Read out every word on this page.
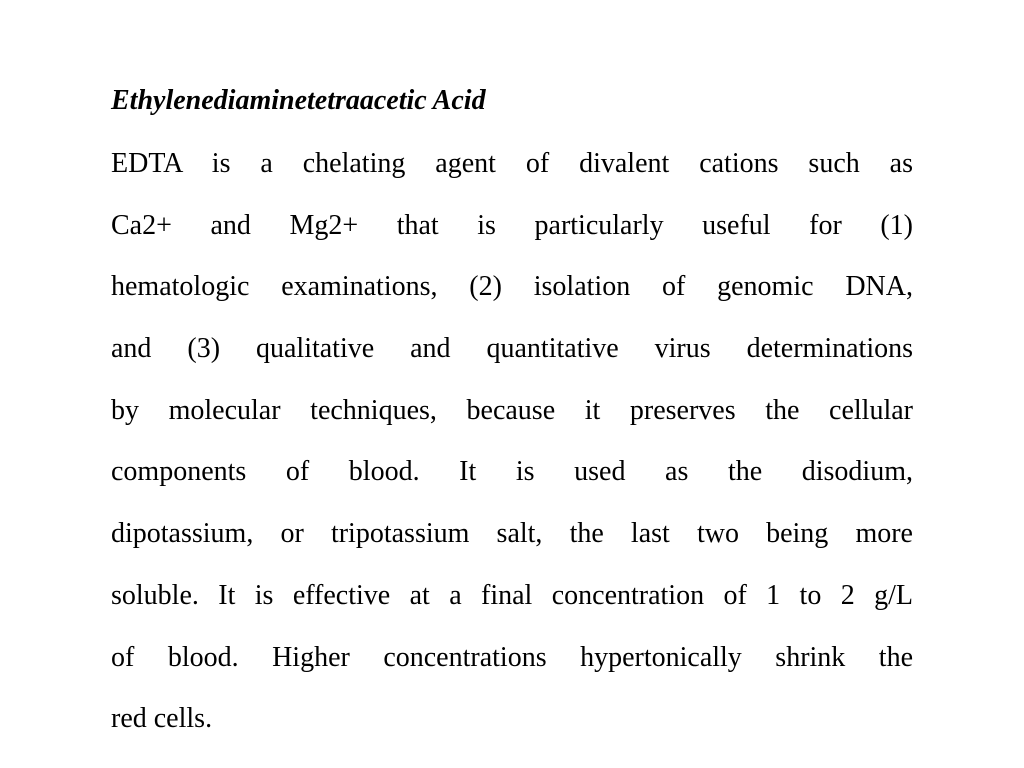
Ethylenediaminetetraacetic Acid
EDTA is a chelating agent of divalent cations such as
Ca2+ and Mg2+ that is particularly useful for (1)
hematologic examinations, (2) isolation of genomic DNA,
and (3) qualitative and quantitative virus determinations
by molecular techniques, because it preserves the cellular
components of blood. It is used as the disodium,
dipotassium, or tripotassium salt, the last two being more
soluble. It is effective at a final concentration of 1 to 2 g/L
of blood. Higher concentrations hypertonically shrink the
red cells.
